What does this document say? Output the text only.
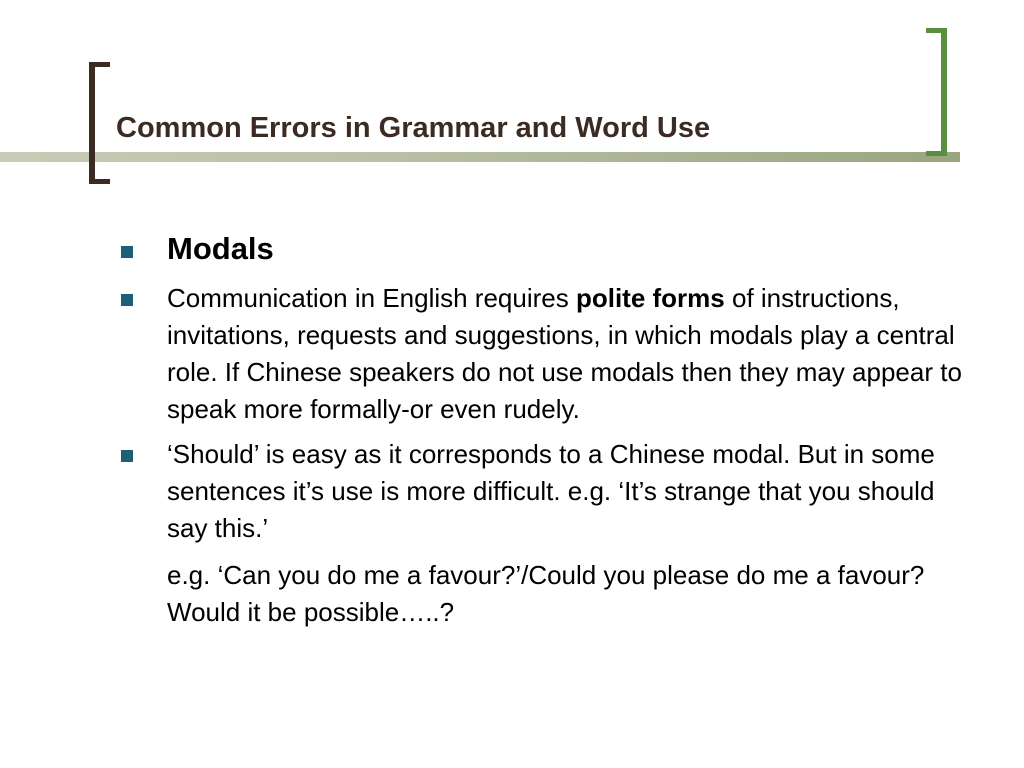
Common Errors in Grammar and Word Use
Modals
Communication in English requires polite forms of instructions, invitations, requests and suggestions, in which modals play a central role. If Chinese speakers do not use modals then they may appear to speak more formally-or even rudely.
‘Should’ is easy as it corresponds to a Chinese modal. But in some sentences it’s use is more difficult. e.g. ‘It’s strange that you should say this.’

e.g. ‘Can you do me a favour?’/Could you please do me a favour? Would it be possible…..?
